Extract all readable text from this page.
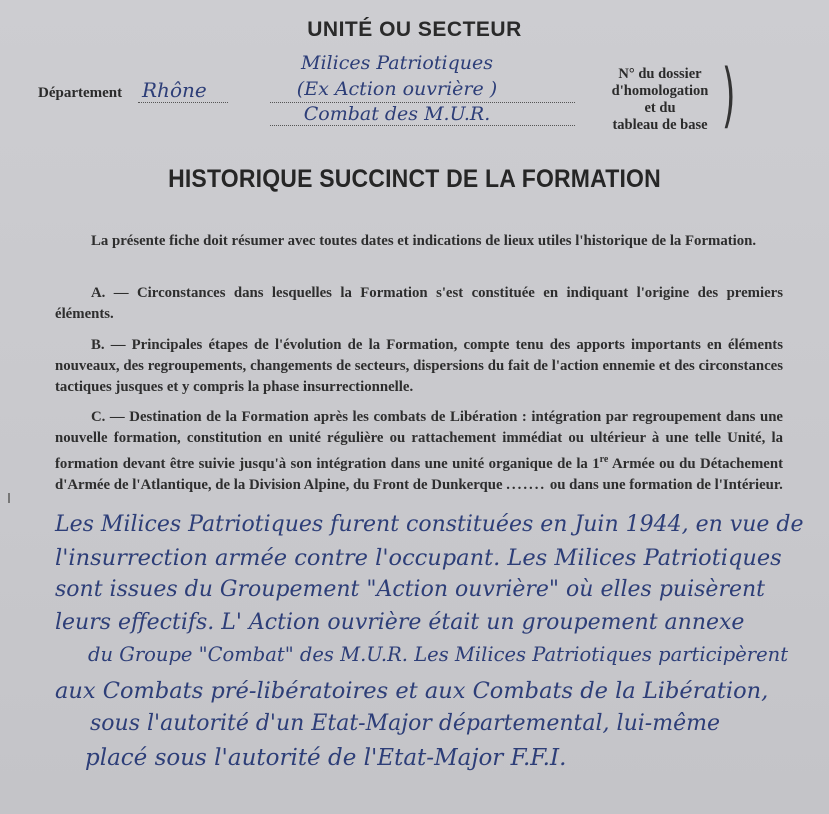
UNITÉ OU SECTEUR
Département Rhône
Milices Patriotiques
(Ex Action ouvrière )
Combat des M.U.R.
N° du dossier
d'homologation
et du
tableau de base )
HISTORIQUE SUCCINCT DE LA FORMATION
La présente fiche doit résumer avec toutes dates et indications de lieux utiles l'historique de la Formation.
A. — Circonstances dans lesquelles la Formation s'est constituée en indiquant l'origine des premiers éléments.
B. — Principales étapes de l'évolution de la Formation, compte tenu des apports importants en éléments nouveaux, des regroupements, changements de secteurs, dispersions du fait de l'action ennemie et des circonstances tactiques jusques et y compris la phase insurrectionnelle.
C. — Destination de la Formation après les combats de Libération : intégration par regroupement dans une nouvelle formation, constitution en unité régulière ou rattachement immédiat ou ultérieur à une telle Unité, la formation devant être suivie jusqu'à son intégration dans une unité organique de la 1re Armée ou du Détachement d'Armée de l'Atlantique, de la Division Alpine, du Front de Dunkerque ....... ou dans une formation de l'Intérieur.
Les Milices Patriotiques furent constituées en Juin 1944, en vue de
l'insurrection armée contre l'occupant. Les Milices Patriotiques
sont issues du Groupement "Action ouvrière" où elles puisèrent
leurs effectifs. L' Action ouvrière était un groupement annexe
du Groupe "Combat" des M.U.R. Les Milices Patriotiques participèrent
aux Combats pré-libératoires et aux Combats de la Libération,
sous l'autorité d'un Etat-Major départemental, lui-même
placé sous l'autorité de l'Etat-Major F.F.I.
